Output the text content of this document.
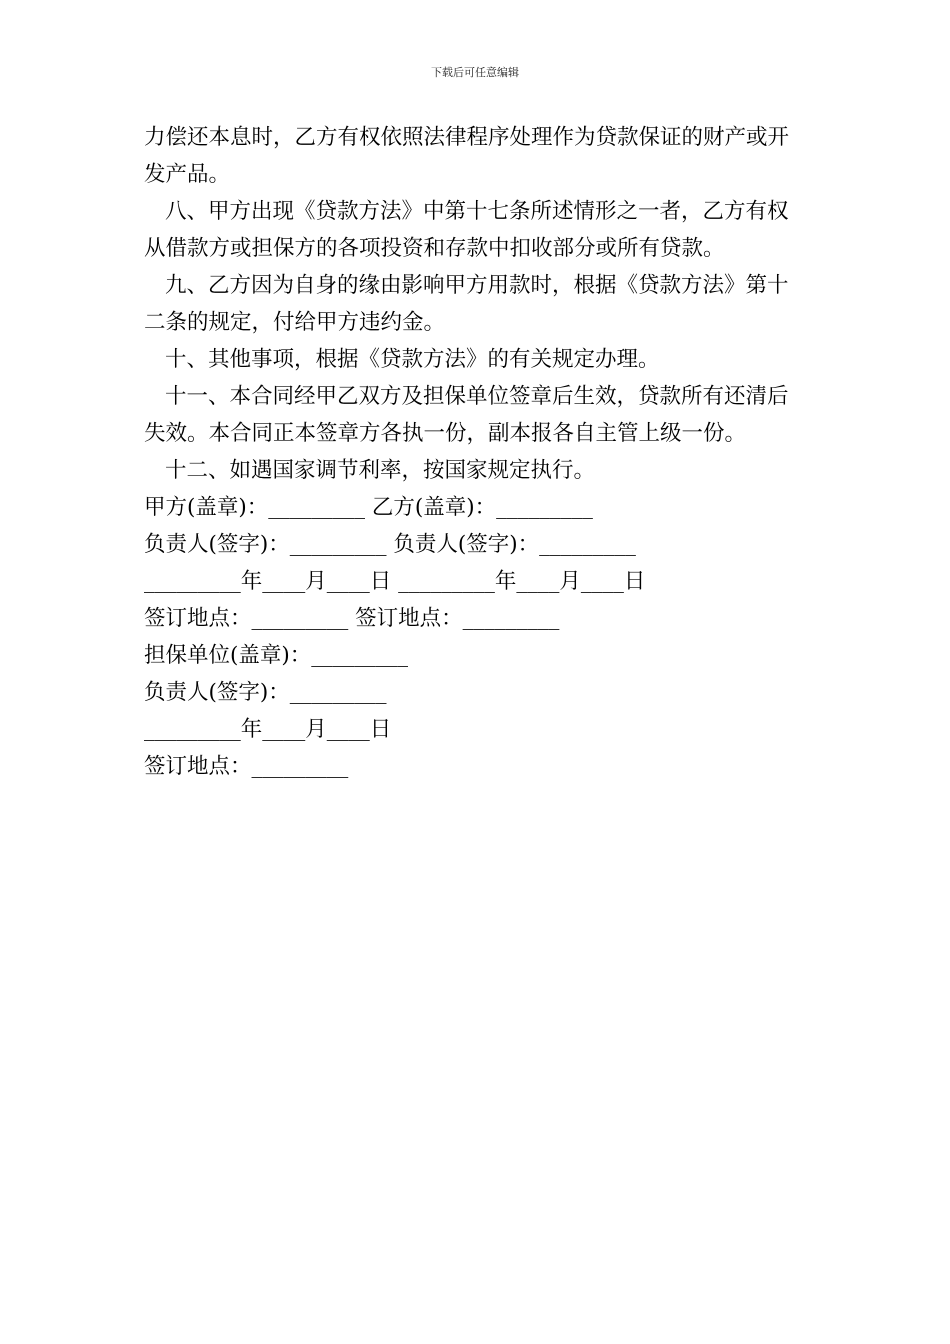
下载后可任意编辑

力偿还本息时，乙方有权依照法律程序处理作为贷款保证的财产或开发产品。

八、甲方出现《贷款方法》中第十七条所述情形之一者，乙方有权从借款方或担保方的各项投资和存款中扣收部分或所有贷款。

九、乙方因为自身的缘由影响甲方用款时，根据《贷款方法》第十二条的规定，付给甲方违约金。

十、其他事项，根据《贷款方法》的有关规定办理。

十一、本合同经甲乙双方及担保单位签章后生效，贷款所有还清后失效。本合同正本签章方各执一份，副本报各自主管上级一份。

十二、如遇国家调节利率，按国家规定执行。

甲方(盖章)：_________ 乙方(盖章)：_________

负责人(签字)：_________ 负责人(签字)：_________

_________年____月____日 _________年____月____日

签订地点：_________ 签订地点：_________

担保单位(盖章)：_________

负责人(签字)：_________

_________年____月____日

签订地点：_________
